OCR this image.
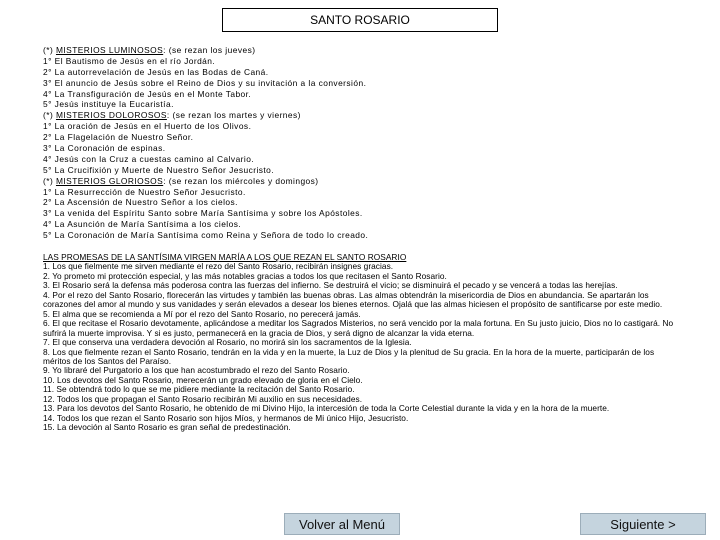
SANTO ROSARIO
(*) MISTERIOS LUMINOSOS: (se rezan los jueves)
1° El Bautismo de Jesús en el río Jordán.
2° La autorrevelación de Jesús en las Bodas de Caná.
3° El anuncio de Jesús sobre el Reino de Dios y su invitación a la conversión.
4° La Transfiguración de Jesús en el Monte Tabor.
5° Jesús instituye la Eucaristía.
(*) MISTERIOS DOLOROSOS: (se rezan los martes y viernes)
1° La oración de Jesús en el Huerto de los Olivos.
2° La Flagelación de Nuestro Señor.
3° La Coronación de espinas.
4° Jesús con la Cruz a cuestas camino al Calvario.
5° La Crucifixión y Muerte de Nuestro Señor Jesucristo.
(*) MISTERIOS GLORIOSOS: (se rezan los miércoles y domingos)
1° La Resurrección de Nuestro Señor Jesucristo.
2° La Ascensión de Nuestro Señor a los cielos.
3° La venida del Espíritu Santo sobre María Santísima y sobre los Apóstoles.
4° La Asunción de María Santísima a los cielos.
5° La Coronación de María Santísima como Reina y Señora de todo lo creado.
LAS PROMESAS DE LA SANTÍSIMA VIRGEN MARÍA A LOS QUE REZAN EL SANTO ROSARIO
1. Los que fielmente me sirven mediante el rezo del Santo Rosario, recibirán insignes gracias.
2. Yo prometo mi protección especial, y las más notables gracias a todos los que recitasen el Santo Rosario.
3. El Rosario será la defensa más poderosa contra las fuerzas del infierno. Se destruirá el vicio; se disminuirá el pecado y se vencerá a todas las herejías.
4. Por el rezo del Santo Rosario, florecerán las virtudes y también las buenas obras. Las almas obtendrán la misericordia de Dios en abundancia. Se apartarán los corazones del amor al mundo y sus vanidades y serán elevados a desear los bienes eternos. Ojalá que las almas hiciesen el propósito de santificarse por este medio.
5. El alma que se recomienda a Mí por el rezo del Santo Rosario, no perecerá jamás.
6. El que recitase el Rosario devotamente, aplicándose a meditar los Sagrados Misterios, no será vencido por la mala fortuna. En Su justo juicio, Dios no lo castigará. No sufrirá la muerte improvisa. Y si es justo, permanecerá en la gracia de Dios, y será digno de alcanzar la vida eterna.
7. El que conserva una verdadera devoción al Rosario, no morirá sin los sacramentos de la Iglesia.
8. Los que fielmente rezan el Santo Rosario, tendrán en la vida y en la muerte, la Luz de Dios y la plenitud de Su gracia. En la hora de la muerte, participarán de los méritos de los Santos del Paraíso.
9. Yo libraré del Purgatorio a los que han acostumbrado el rezo del Santo Rosario.
10. Los devotos del Santo Rosario, merecerán un grado elevado de gloria en el Cielo.
11. Se obtendrá todo lo que se me pidiere mediante la recitación del Santo Rosario.
12. Todos los que propagan el Santo Rosario recibirán Mi auxilio en sus necesidades.
13. Para los devotos del Santo Rosario, he obtenido de mi Divino Hijo, la intercesión de toda la Corte Celestial durante la vida y en la hora de la muerte.
14. Todos los que rezan el Santo Rosario son hijos Míos, y hermanos de Mi único Hijo, Jesucristo.
15. La devoción al Santo Rosario es gran señal de predestinación.
Volver al Menú	Siguiente >
